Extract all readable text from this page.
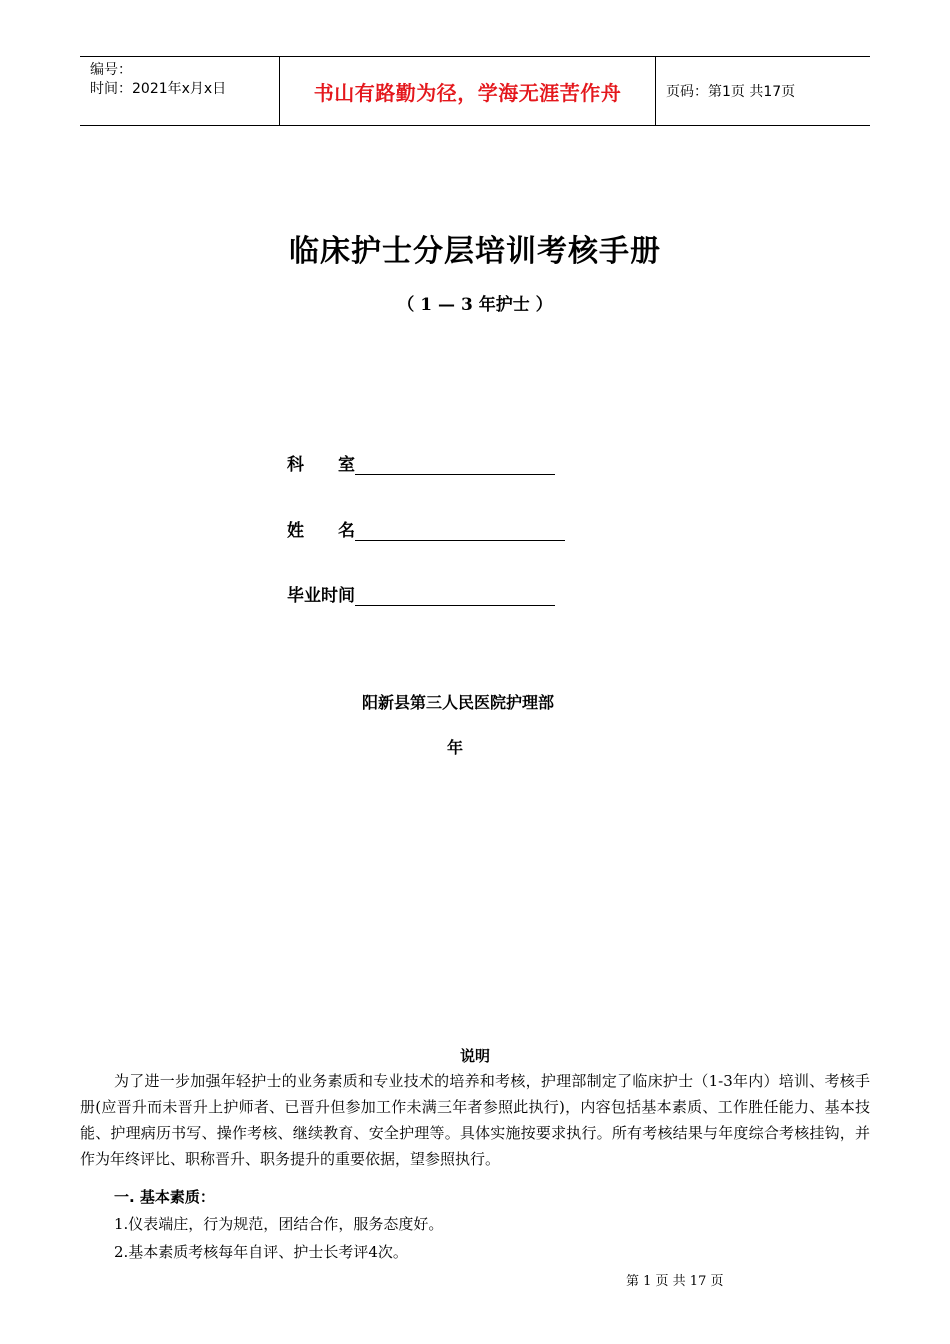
编号：
时间：2021年x月x日	书山有路勤为径，学海无涯苦作舟	页码：第1页 共17页
临床护士分层培训考核手册
（ 1 — 3 年护士 ）
科 室
姓 名
毕业时间
阳新县第三人民医院护理部
年
说明

为了进一步加强年轻护士的业务素质和专业技术的培养和考核，护理部制定了临床护士（1-3年内）培训、考核手册(应晋升而未晋升上护师者、已晋升但参加工作未满三年者参照此执行)，内容包括基本素质、工作胜任能力、基本技能、护理病历书写、操作考核、继续教育、安全护理等。具体实施按要求执行。所有考核结果与年度综合考核挂钩，并作为年终评比、职称晋升、职务提升的重要依据，望参照执行。

一. 基本素质：
1.仪表端庄，行为规范，团结合作，服务态度好。
2.基本素质考核每年自评、护士长考评4次。
第 1 页 共 17 页
